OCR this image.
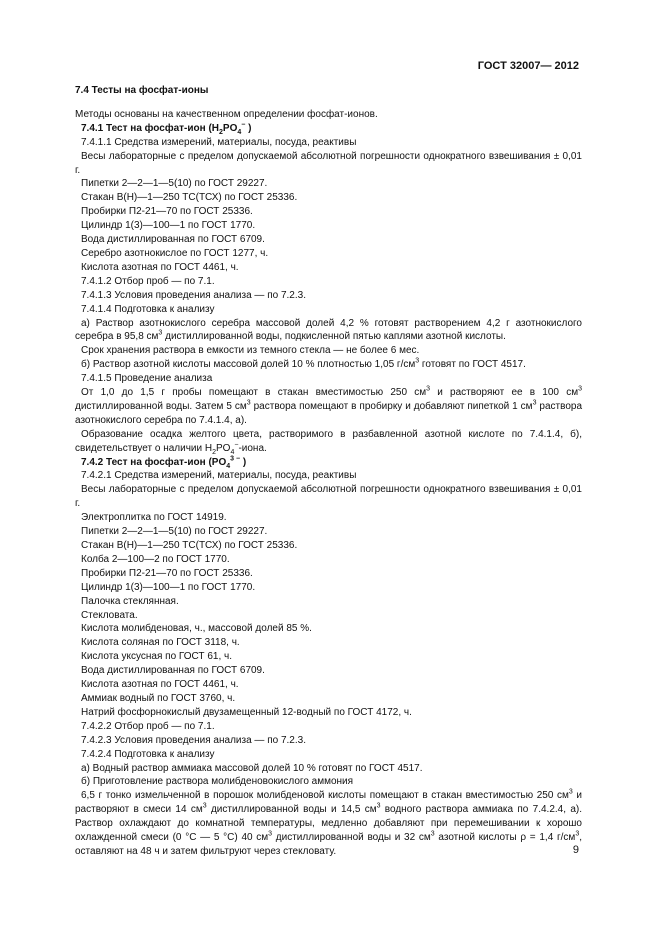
ГОСТ 32007— 2012
7.4 Тесты на фосфат-ионы
Методы основаны на качественном определении фосфат-ионов.
7.4.1 Тест на фосфат-ион ($H_2PO_4^-$ )
7.4.1.1 Средства измерений, материалы, посуда, реактивы
Весы лабораторные с пределом допускаемой абсолютной погрешности однократного взвешивания ± 0,01 г.
Пипетки 2—2—1—5(10) по ГОСТ 29227.
Стакан В(Н)—1—250 ТС(ТСХ) по ГОСТ 25336.
Пробирки П2-21—70 по ГОСТ 25336.
Цилиндр 1(3)—100—1 по ГОСТ 1770.
Вода дистиллированная по ГОСТ 6709.
Серебро азотнокислое по ГОСТ 1277, ч.
Кислота азотная по ГОСТ 4461, ч.
7.4.1.2 Отбор проб — по 7.1.
7.4.1.3 Условия проведения анализа — по 7.2.3.
7.4.1.4 Подготовка к анализу
а) Раствор азотнокислого серебра массовой долей 4,2 % готовят растворением 4,2 г азотнокислого серебра в 95,8 $см^3$ дистиллированной воды, подкисленной пятью каплями азотной кислоты.
Срок хранения раствора в емкости из темного стекла — не более 6 мес.
б) Раствор азотной кислоты массовой долей 10 % плотностью 1,05 $г/см^3$ готовят по ГОСТ 4517.
7.4.1.5 Проведение анализа
От 1,0 до 1,5 г пробы помещают в стакан вместимостью 250 $см^3$ и растворяют ее в 100 $см^3$ дистиллированной воды. Затем 5 $см^3$ раствора помещают в пробирку и добавляют пипеткой 1 $см^3$ раствора азотнокислого серебра по 7.4.1.4, а).
Образование осадка желтого цвета, растворимого в разбавленной азотной кислоте по 7.4.1.4, б), свидетельствует о наличии $H_2PO_4^-$-иона.
7.4.2 Тест на фосфат-ион ($PO_4^{3 -}$ )
7.4.2.1 Средства измерений, материалы, посуда, реактивы
Весы лабораторные с пределом допускаемой абсолютной погрешности однократного взвешивания ± 0,01 г.
Электроплитка по ГОСТ 14919.
Пипетки 2—2—1—5(10) по ГОСТ 29227.
Стакан В(Н)—1—250 ТС(ТСХ) по ГОСТ 25336.
Колба 2—100—2 по ГОСТ 1770.
Пробирки П2-21—70 по ГОСТ 25336.
Цилиндр 1(3)—100—1 по ГОСТ 1770.
Палочка стеклянная.
Стекловата.
Кислота молибденовая, ч., массовой долей 85 %.
Кислота соляная по ГОСТ 3118, ч.
Кислота уксусная по ГОСТ 61, ч.
Вода дистиллированная по ГОСТ 6709.
Кислота азотная по ГОСТ 4461, ч.
Аммиак водный по ГОСТ 3760, ч.
Натрий фосфорнокислый двузамещенный 12-водный по ГОСТ 4172, ч.
7.4.2.2 Отбор проб — по 7.1.
7.4.2.3 Условия проведения анализа — по 7.2.3.
7.4.2.4 Подготовка к анализу
а) Водный раствор аммиака массовой долей 10 % готовят по ГОСТ 4517.
б) Приготовление раствора молибденовокислого аммония
6,5 г тонко измельченной в порошок молибденовой кислоты помещают в стакан вместимостью 250 $см^3$ и растворяют в смеси 14 $см^3$ дистиллированной воды и 14,5 $см^3$ водного раствора аммиака по 7.4.2.4, а). Раствор охлаждают до комнатной температуры, медленно добавляют при перемешивании к хорошо охлажденной смеси (0 °С — 5 °С) 40 $см^3$ дистиллированной воды и 32 $см^3$ азотной кислоты ρ = 1,4 $г/см^3$, оставляют на 48 ч и затем фильтруют через стекловату.	9
